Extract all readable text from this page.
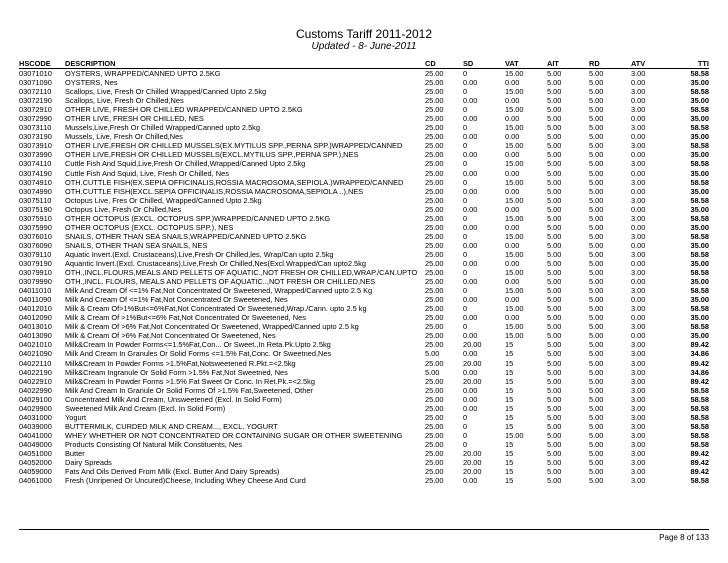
Customs Tariff 2011-2012
Updated - 8- June-2011
HSCODE	DESCRIPTION	CD	SD	VAT	AIT	RD	ATV	TTI
03071010	OYSTERS, WRAPPED/CANNED UPTO 2.5KG	25.00	0	15.00	5.00	5.00	3.00	58.58
03071090	OYSTERS, Nes	25.00	0.00	0.00	5.00	5.00	0.00	35.00
03072110	Scallops, Live, Fresh Or Chilled Wrapped/Canned Upto 2.5kg	25.00	0	15.00	5.00	5.00	3.00	58.58
03072190	Scallops, Live, Fresh Or Chilled,Nes	25.00	0.00	0.00	5.00	5.00	0.00	35.00
03072910	OTHER LIVE, FRESH OR CHILLED WRAPPED/CANNED UPTO 2.5KG	25.00	0	15.00	5.00	5.00	3.00	58.58
03072990	OTHER LIVE, FRESH OR CHILLED, NES	25.00	0.00	0.00	5.00	5.00	0.00	35.00
03073110	Mussels,Live,Fresh Or Chilled Wrapped/Canned upto 2.5kg	25.00	0	15.00	5.00	5.00	3.00	58.58
03073190	Mussels, Live, Fresh Or Chilled,Nes	25.00	0.00	0.00	5.00	5.00	0.00	35.00
03073910	OTHER LIVE,FRESH OR CHILLED MUSSELS(EX.MYTILUS SPP.,PERNA SPP.)WRAPPED/CANNED	25.00	0	15.00	5.00	5.00	3.00	58.58
03073990	OTHER LIVE,FRESH OR CHILLED MUSSELS(EXCL.MYTILUS SPP.,PERNA SPP.),NES	25.00	0.00	0.00	5.00	5.00	0.00	35.00
03074110	Cuttle Fish And Squid,Live,Fresh Or Chilled,Wrapped/Canned Upto 2.5kg	25.00	0	15.00	5.00	5.00	3.00	58.58
03074190	Cuttle Fish And Squid, Live, Fresh Or Chilled, Nes	25.00	0.00	0.00	5.00	5.00	0.00	35.00
03074910	OTH.CUTTLE FISH(EX.SEPIA OFFICINALIS,ROSSIA MACROSOMA,SEPIOLA.)WRAPPED/CANNED	25.00	0	15.00	5.00	5.00	3.00	58.58
03074990	OTH.CUTTLE FISH(EXCL.SEPIA OFFICINALIS,ROSSIA MACROSOMA,SEPIOLA ..),NES	25.00	0.00	0.00	5.00	5.00	0.00	35.00
03075110	Octopus Live, Fres Or Chilled, Wrapped/Canned Upto 2.5kg	25.00	0	15.00	5.00	5.00	3.00	58.58
03075190	Octopus Live, Fresh Or Chilled,Nes	25.00	0.00	0.00	5.00	5.00	0.00	35.00
03075910	OTHER OCTOPUS (EXCL. OCTOPUS SPP.)WRAPPED/CANNED UPTO 2.5KG	25.00	0	15.00	5.00	5.00	3.00	58.58
03075990	OTHER OCTOPUS (EXCL. OCTOPUS SPP.), NES	25.00	0.00	0.00	5.00	5.00	0.00	35.00
03076010	SNAILS, OTHER THAN SEA SNAILS,WRAPPED/CANNED UPTO 2.5KG	25.00	0	15.00	5.00	5.00	3.00	58.58
03076090	SNAILS, OTHER THAN SEA SNAILS, NES	25.00	0.00	0.00	5.00	5.00	0.00	35.00
03079110	Aquatic Invert.(Excl. Crustaceans),Live,Fresh Or Chilled,les, Wrap/Can upto 2.5kg	25.00	0	15.00	5.00	5.00	3.00	58.58
03079190	Aquantic Invert.(Excl. Crustaceans),Live,Fresh Or Chilled,Nes(Excl.Wrapped/Can upto2.5kg	25.00	0.00	0.00	5.00	5.00	0.00	35.00
03079910	OTH.,INCL.FLOURS,MEALS AND PELLETS OF AQUATIC.,NOT FRESH OR CHILLED,WRAP./CAN.UPTO	25.00	0	15.00	5.00	5.00	3.00	58.58
03079990	OTH.,INCL. FLOURS, MEALS AND PELLETS OF AQUATIC..,NOT FRESH OR CHILLED,NES	25.00	0.00	0.00	5.00	5.00	0.00	35.00
04011010	Milk And Cream Of <=1% Fat,Not Concentrated Or Sweetened, Wrapped/Canned upto 2.5 Kg	25.00	0	15.00	5.00	5.00	3.00	58.58
04011090	Milk And Cream Of <=1% Fat,Not Concentrated Or Sweetened, Nes	25.00	0.00	0.00	5.00	5.00	0.00	35.00
04012010	Milk & Cream Of>1%But<=6%Fat,Not Concentrated Or Sweetened,Wrap./Cann. upto 2.5 kg	25.00	0	15.00	5.00	5.00	3.00	58.58
04012090	Milk & Cream Of >1%But<=6% Fat,Not Concentrated Or Sweetened, Nes	25.00	0.00	0.00	5.00	5.00	0.00	35.00
04013010	Milk & Cream Of >6% Fat,Not Concentrated Or Sweetened, Wrapped/Canned upto 2.5 kg	25.00	0	15.00	5.00	5.00	3.00	58.58
04013090	Milk & Cream Of >6% Fat,Not Concentrated Or Sweetened, Nes	25.00	0.00	15.00	5.00	5.00	0.00	35.00
04021010	Milk&Cream In Powder Forms<=1.5%Fat,Con... Or Sweet.,In Reta.Pk.Upto 2.5kg	25.00	20.00	15	5.00	5.00	3.00	89.42
04021090	Milk And Cream In Granules Or Solid Forms <=1.5% Fat,Conc. Or Sweetned,Nes	5.00	0.00	15	5.00	5.00	3.00	34.86
04022110	Milk&Cream In Powder Forms >1.5%Fat,Notsweetened R.Pkt.=<2.5kg	25.00	20.00	15	5.00	5.00	3.00	89.42
04022190	Milk&Cream Ingranule Or Solid Form >1.5% Fat,Not Sweetned, Nes	5.00	0.00	15	5.00	5.00	3.00	34.86
04022910	Milk&Cream In Powder Forms >1.5% Fat Sweet Or Conc. In Ret.Pk.=<2.5kg	25.00	20.00	15	5.00	5.00	3.00	89.42
04022990	Milk And Cream In Granule Or Solid Forms Of >1.5% Fat,Sweetened, Other	25.00	0.00	15	5.00	5.00	3.00	58.58
04029100	Concentrated Milk And Cream, Unsweetened (Excl. In Solid Form)	25.00	0.00	15	5.00	5.00	3.00	58.58
04029900	Sweetened Milk And Cream (Excl. In Solid Form)	25.00	0.00	15	5.00	5.00	3.00	58.58
04031000	Yogurt	25.00	0	15	5.00	5.00	3.00	58.58
04039000	BUTTERMILK, CURDED MILK AND CREAM..., EXCL. YOGURT	25.00	0	15	5.00	5.00	3.00	58.58
04041000	WHEY WHETHER OR NOT CONCENTRATED OR CONTAINING SUGAR OR OTHER SWEETENING	25.00	0	15.00	5.00	5.00	3.00	58.58
04049000	Products Consisting Of Natural Milk Constituents, Nes	25.00	0	15	5.00	5.00	3.00	58.58
04051000	Butter	25.00	20.00	15	5.00	5.00	3.00	89.42
04052000	Dairy Spreads	25.00	20.00	15	5.00	5.00	3.00	89.42
04059000	Fats And Oils Derived From Milk (Excl. Butter And Dairy Spreads)	25.00	20.00	15	5.00	5.00	3.00	89.42
04061000	Fresh (Unripened Or Uncured)Cheese, Including Whey Cheese And Curd	25.00	0.00	15	5.00	5.00	3.00	58.58
Page 8 of 133
